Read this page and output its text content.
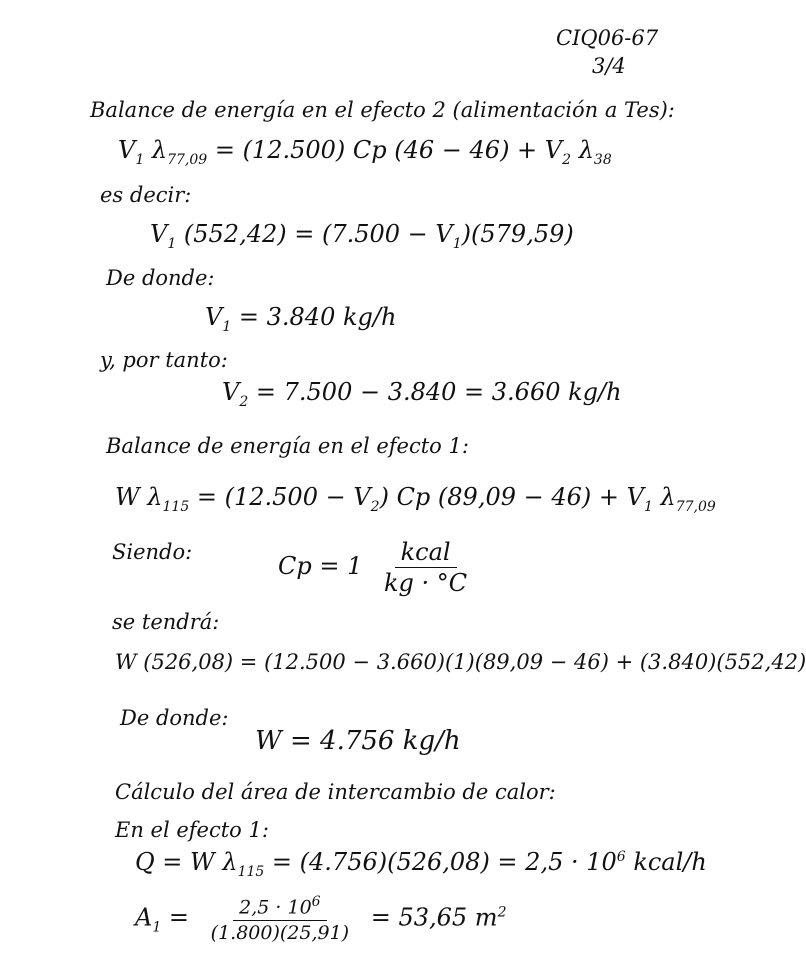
CIQ06-67
3/4
Balance de energía en el efecto 2 (alimentación a Tes):
$V_1$ $\lambda_{77,09} = (12.500)$ Cp $(46 - 46) + V_2$ $\lambda_{38}$
es decir:
$V_1$ $(552,42) = (7.500 - V_1)(579,59)$
De donde:
$V_1 = 3.840$ kg/h
y, por tanto:
$V_2 = 7.500 - 3.840 = 3.660$ kg/h
Balance de energía en el efecto 1:
W $\lambda_{115} = (12.500 - V_2)$ Cp $(89,09 - 46) + V_1$ $\lambda_{77,09}$
Siendo:	$Cp = 1 \frac{\text{kcal}}{kg \cdot ^\circ C}$
se tendrá:
W (526,08) = (12.500 − 3.660)(1)(89,09 − 46) + (3.840)(552,42)
De donde:
W = 4.756 kg/h
Cálculo del área de intercambio de calor:
En el efecto 1:
Q = W $\lambda_{115} = (4.756)(526,08) = 2,5 \cdot 10^6$ kcal/h
$A_1 = \frac{2,5 \cdot 10^6}{(1.800)(25,91)} = 53,65$ $m^2$
